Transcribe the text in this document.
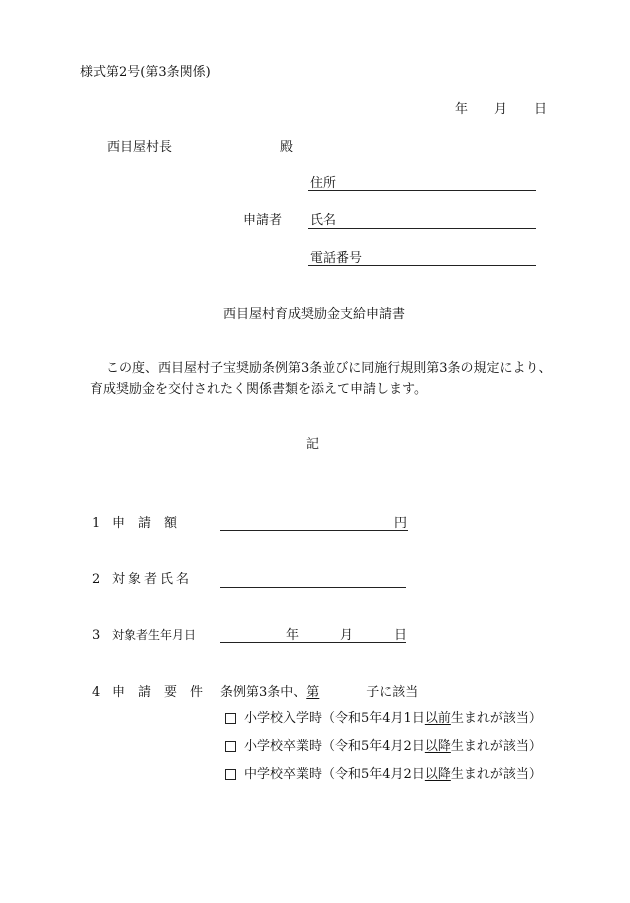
様式第2号(第3条関係)
年 月 日
西目屋村長	殿
住所
申請者 氏名
電話番号
西目屋村育成奨励金支給申請書
この度、西目屋村子宝奨励条例第3条並びに同施行規則第3条の規定により、
育成奨励金を交付されたく関係書類を添えて申請します。
記
1 申　請　額	円
2 対象者氏名
3 対象者生年月日	年	月	日
4 申　請　要　件 条例第3条中、第	子に該当
小学校入学時（令和5年4月1日以前生まれが該当）
小学校卒業時（令和5年4月2日以降生まれが該当）
中学校卒業時（令和5年4月2日以降生まれが該当）
